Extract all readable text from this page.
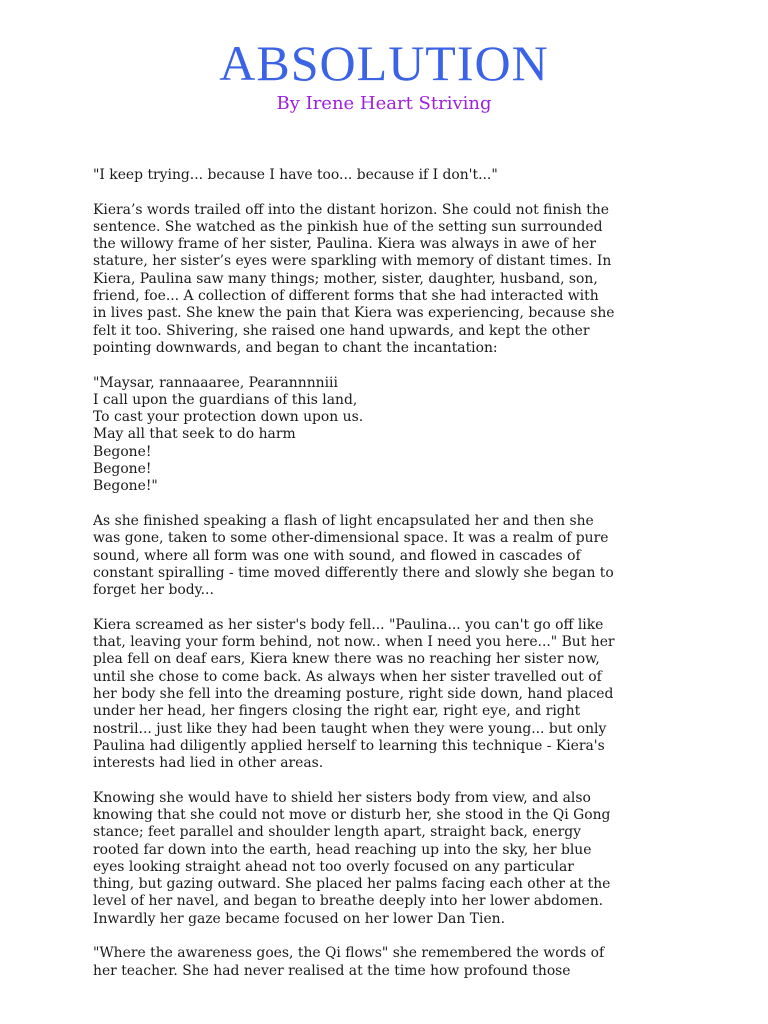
ABSOLUTION
By Irene Heart Striving

"I keep trying... because I have too... because if I don't..."

Kiera’s words trailed off into the distant horizon. She could not finish the
sentence. She watched as the pinkish hue of the setting sun surrounded
the willowy frame of her sister, Paulina. Kiera was always in awe of her
stature, her sister’s eyes were sparkling with memory of distant times. In
Kiera, Paulina saw many things; mother, sister, daughter, husband, son,
friend, foe... A collection of different forms that she had interacted with
in lives past. She knew the pain that Kiera was experiencing, because she
felt it too. Shivering, she raised one hand upwards, and kept the other
pointing downwards, and began to chant the incantation:

"Maysar, rannaaaree, Pearannnniii
I call upon the guardians of this land,
To cast your protection down upon us.
May all that seek to do harm
Begone!
Begone!
Begone!"

As she finished speaking a flash of light encapsulated her and then she
was gone, taken to some other-dimensional space. It was a realm of pure
sound, where all form was one with sound, and flowed in cascades of
constant spiralling - time moved differently there and slowly she began to
forget her body...

Kiera screamed as her sister's body fell... "Paulina... you can't go off like
that, leaving your form behind, not now.. when I need you here..." But her
plea fell on deaf ears, Kiera knew there was no reaching her sister now,
until she chose to come back. As always when her sister travelled out of
her body she fell into the dreaming posture, right side down, hand placed
under her head, her fingers closing the right ear, right eye, and right
nostril... just like they had been taught when they were young... but only
Paulina had diligently applied herself to learning this technique - Kiera's
interests had lied in other areas.

Knowing she would have to shield her sisters body from view, and also
knowing that she could not move or disturb her, she stood in the Qi Gong
stance; feet parallel and shoulder length apart, straight back, energy
rooted far down into the earth, head reaching up into the sky, her blue
eyes looking straight ahead not too overly focused on any particular
thing, but gazing outward. She placed her palms facing each other at the
level of her navel, and began to breathe deeply into her lower abdomen.
Inwardly her gaze became focused on her lower Dan Tien.

"Where the awareness goes, the Qi flows" she remembered the words of
her teacher. She had never realised at the time how profound those
